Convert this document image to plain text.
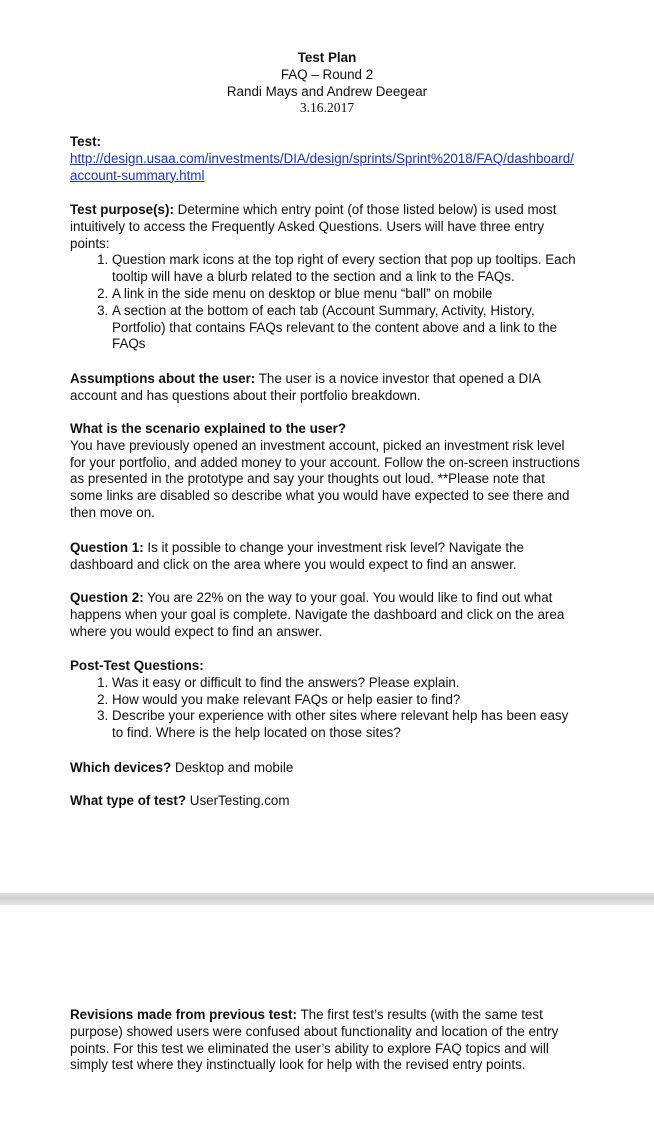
Test Plan
FAQ – Round 2
Randi Mays and Andrew Deegear
3.16.2017

Test:

http://design.usaa.com/investments/DIA/design/sprints/Sprint%2018/FAQ/dashboard/account-summary.html

Test purpose(s): Determine which entry point (of those listed below) is used most intuitively to access the Frequently Asked Questions. Users will have three entry points:

1. Question mark icons at the top right of every section that pop up tooltips. Each tooltip will have a blurb related to the section and a link to the FAQs.
2. A link in the side menu on desktop or blue menu “ball” on mobile
3. A section at the bottom of each tab (Account Summary, Activity, History, Portfolio) that contains FAQs relevant to the content above and a link to the FAQs

Assumptions about the user: The user is a novice investor that opened a DIA account and has questions about their portfolio breakdown.

What is the scenario explained to the user?

You have previously opened an investment account, picked an investment risk level for your portfolio, and added money to your account. Follow the on-screen instructions as presented in the prototype and say your thoughts out loud. **Please note that some links are disabled so describe what you would have expected to see there and then move on.

Question 1: Is it possible to change your investment risk level? Navigate the dashboard and click on the area where you would expect to find an answer.

Question 2: You are 22% on the way to your goal. You would like to find out what happens when your goal is complete. Navigate the dashboard and click on the area where you would expect to find an answer.

Post-Test Questions:

1. Was it easy or difficult to find the answers? Please explain.
2. How would you make relevant FAQs or help easier to find?
3. Describe your experience with other sites where relevant help has been easy to find. Where is the help located on those sites?

Which devices? Desktop and mobile

What type of test? UserTesting.com

Revisions made from previous test: The first test’s results (with the same test purpose) showed users were confused about functionality and location of the entry points. For this test we eliminated the user’s ability to explore FAQ topics and will simply test where they instinctually look for help with the revised entry points.
